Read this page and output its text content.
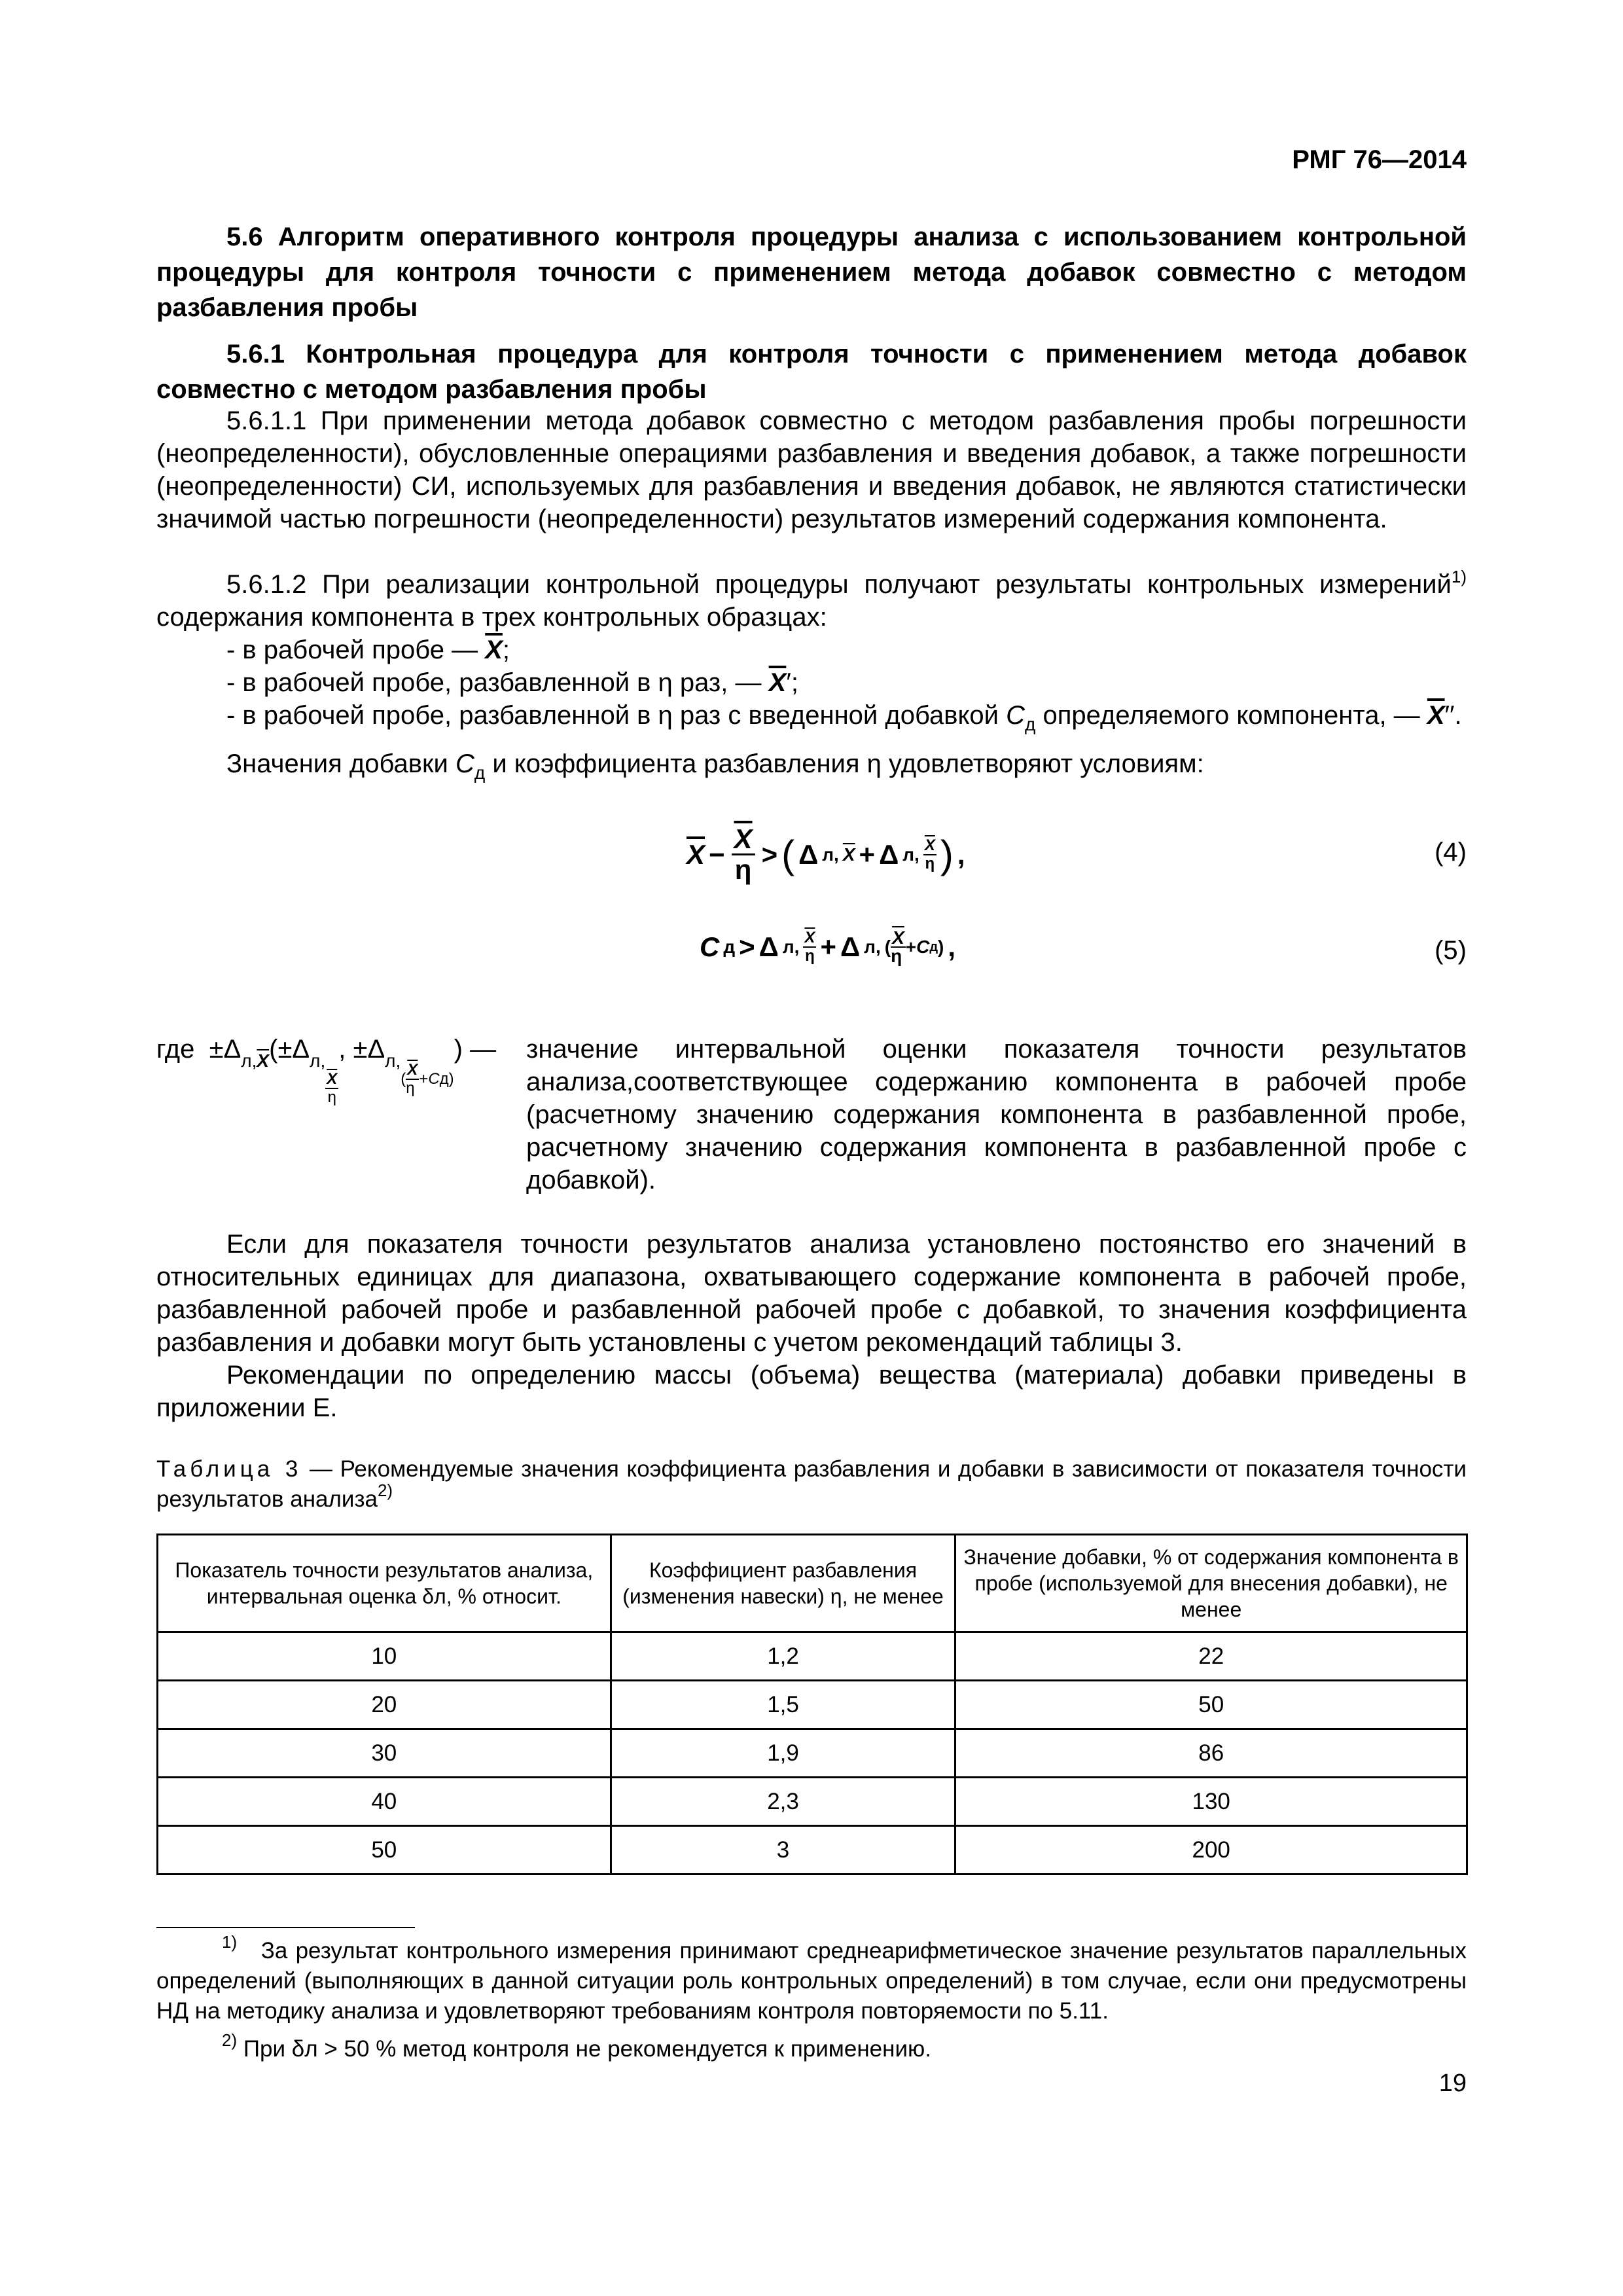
РМГ 76—2014
5.6 Алгоритм оперативного контроля процедуры анализа с использованием контрольной процедуры для контроля точности с применением метода добавок совместно с методом разбавления пробы
5.6.1 Контрольная процедура для контроля точности с применением метода добавок совместно с методом разбавления пробы
5.6.1.1 При применении метода добавок совместно с методом разбавления пробы погрешности (неопределенности), обусловленные операциями разбавления и введения добавок, а также погрешности (неопределенности) СИ, используемых для разбавления и введения добавок, не являются статистически значимой частью погрешности (неопределенности) результатов измерений содержания компонента.

5.6.1.2 При реализации контрольной процедуры получают результаты контрольных измерений$^{1)}$ содержания компонента в трех контрольных образцах:

- в рабочей пробе — $\overline{X}$;

- в рабочей пробе, разбавленной в η раз, — $\overline{X}'$;

- в рабочей пробе, разбавленной в η раз с введенной добавкой $C_д$ определяемого компонента, — $\overline{X}''$.

Значения добавки $C_д$ и коэффициента разбавления η удовлетворяют условиям:

$\overline{X} - \frac{\overline{X}}{\eta}$ > ( Δ л, $\overline{X} + \Delta$ л, $\overline{X}$
η ) ,	(4)
C д > Δ л, $\overline{X}$
η + Δ л, ( $\overline{X}$
η + C д ) ,	(5)
где $\pm\Delta_{л,\overline{X}}(\pm\Delta_{л,}$
$\frac{\overline{X}}{\eta}$
, $\pm\Delta_{л,}$(
$\overline{X}$
η
+ C д )) —	значение интервальной оценки показателя точности результатов анализа,соответствующее содержанию компонента в рабочей пробе (расчетному значению содержания компонента в разбавленной пробе, расчетному значению содержания компонента в разбавленной пробе с добавкой).
Если для показателя точности результатов анализа установлено постоянство его значений в относительных единицах для диапазона, охватывающего содержание компонента в рабочей пробе, разбавленной рабочей пробе и разбавленной рабочей пробе с добавкой, то значения коэффициента разбавления и добавки могут быть установлены с учетом рекомендаций таблицы 3.
Рекомендации по определению массы (объема) вещества (материала) добавки приведены в приложении Е.
Таблица 3 — Рекомендуемые значения коэффициента разбавления и добавки в зависимости от показателя точности результатов анализа$^{2)}$
Показатель точности результатов анализа, интервальная оценка δл, % относит.	Коэффициент разбавления (изменения навески) η, не менее	Значение добавки, % от содержания компонента в пробе (используемой для внесения добавки), не менее
10	1,2	22
20	1,5	50
30	1,9	86
40	2,3	130
50	3	200
$^{1)}$ За результат контрольного измерения принимают среднеарифметическое значение результатов параллельных определений (выполняющих в данной ситуации роль контрольных определений) в том случае, если они предусмотрены НД на методику анализа и удовлетворяют требованиям контроля повторяемости по 5.11.
$^{2)}$ При δл > 50 % метод контроля не рекомендуется к применению.
19
